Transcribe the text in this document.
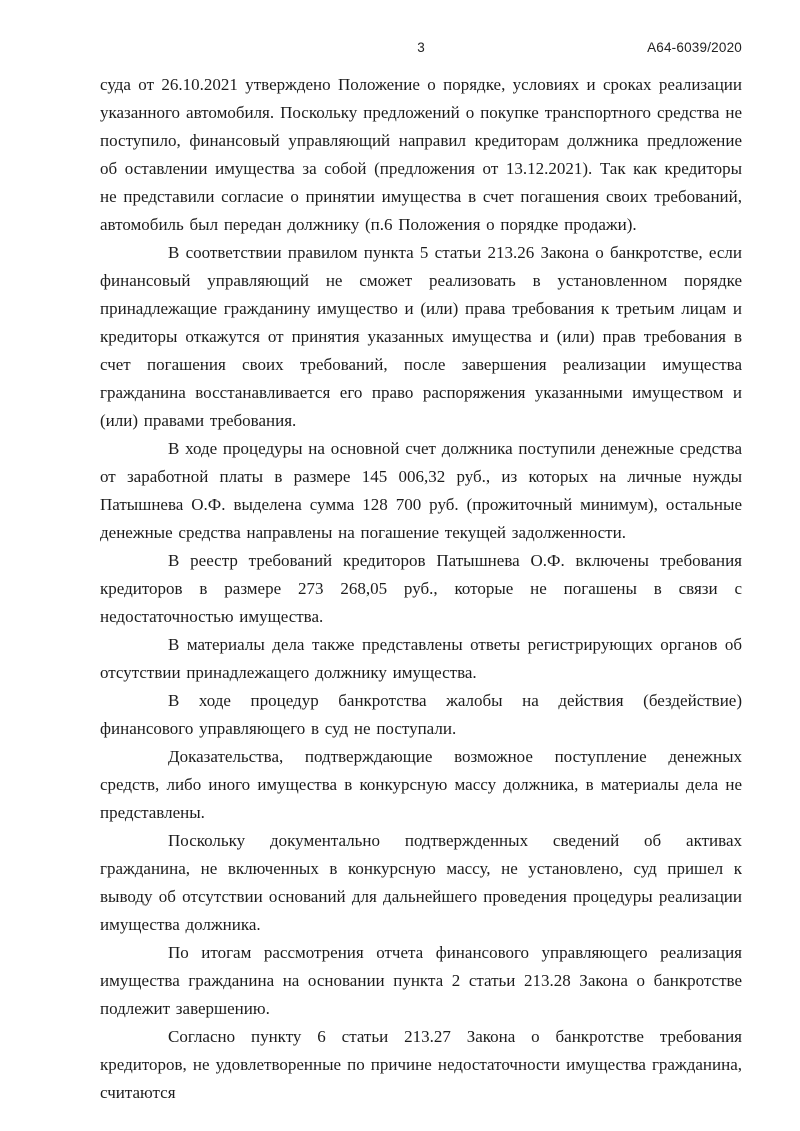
3	А64-6039/2020

суда от 26.10.2021 утверждено Положение о порядке, условиях и сроках реализации указанного автомобиля. Поскольку предложений о покупке транспортного средства не поступило, финансовый управляющий направил кредиторам должника предложение об оставлении имущества за собой (предложения от 13.12.2021). Так как кредиторы не представили согласие о принятии имущества в счет погашения своих требований, автомобиль был передан должнику (п.6 Положения о порядке продажи).

В соответствии правилом пункта 5 статьи 213.26 Закона о банкротстве, если финансовый управляющий не сможет реализовать в установленном порядке принадлежащие гражданину имущество и (или) права требования к третьим лицам и кредиторы откажутся от принятия указанных имущества и (или) прав требования в счет погашения своих требований, после завершения реализации имущества гражданина восстанавливается его право распоряжения указанными имуществом и (или) правами требования.

В ходе процедуры на основной счет должника поступили денежные средства от заработной платы в размере 145 006,32 руб., из которых на личные нужды Патышнева О.Ф. выделена сумма 128 700 руб. (прожиточный минимум), остальные денежные средства направлены на погашение текущей задолженности.

В реестр требований кредиторов Патышнева О.Ф. включены требования кредиторов в размере 273 268,05 руб., которые не погашены в связи с недостаточностью имущества.

В материалы дела также представлены ответы регистрирующих органов об отсутствии принадлежащего должнику имущества.

В ходе процедур банкротства жалобы на действия (бездействие) финансового управляющего в суд не поступали.

Доказательства, подтверждающие возможное поступление денежных средств, либо иного имущества в конкурсную массу должника, в материалы дела не представлены.

Поскольку документально подтвержденных сведений об активах гражданина, не включенных в конкурсную массу, не установлено, суд пришел к выводу об отсутствии оснований для дальнейшего проведения процедуры реализации имущества должника.

По итогам рассмотрения отчета финансового управляющего реализация имущества гражданина на основании пункта 2 статьи 213.28 Закона о банкротстве подлежит завершению.

Согласно пункту 6 статьи 213.27 Закона о банкротстве требования кредиторов, не удовлетворенные по причине недостаточности имущества гражданина, считаются
